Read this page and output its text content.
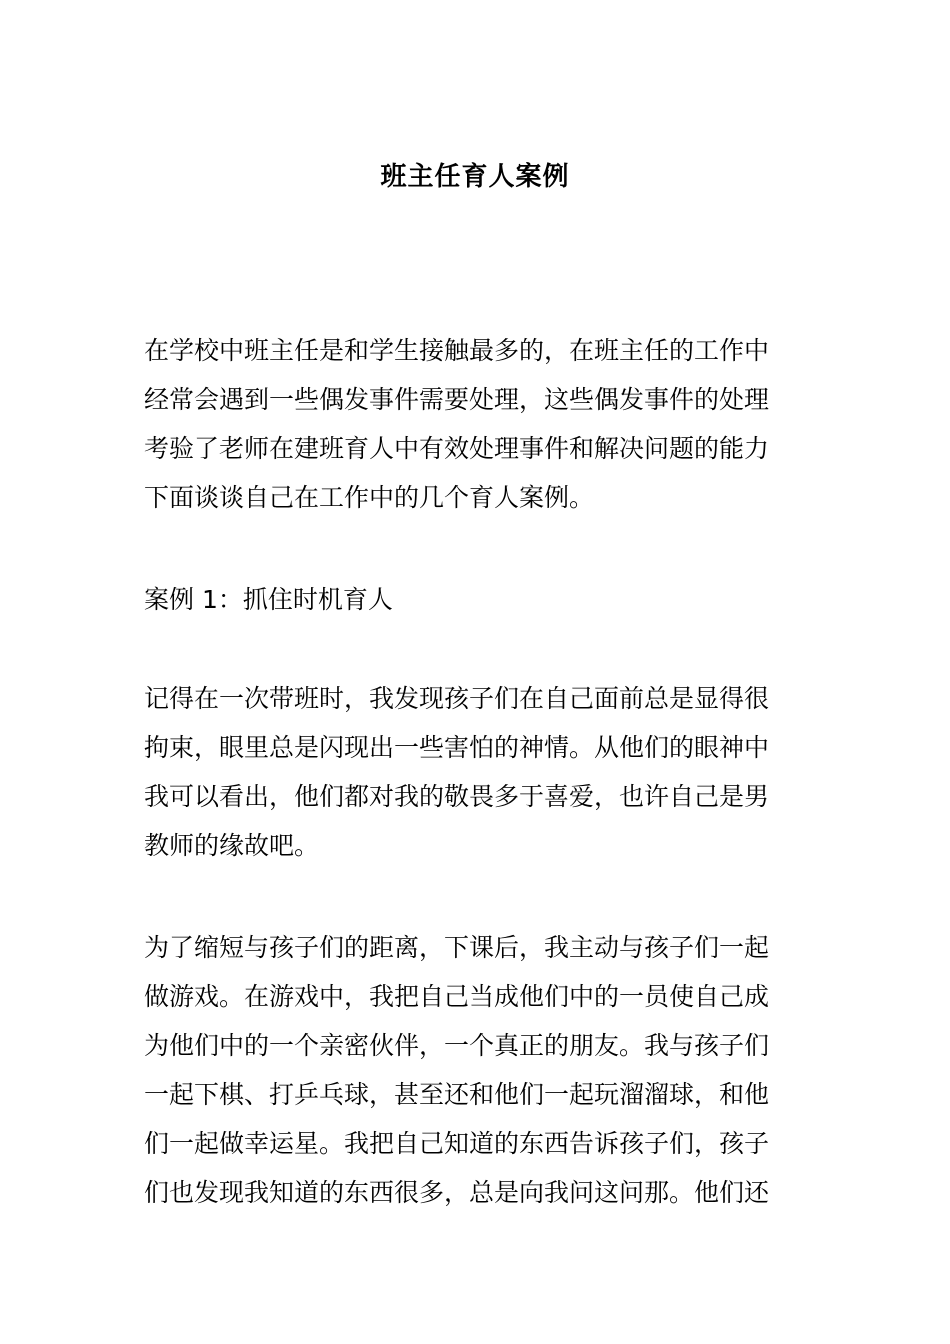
班主任育人案例
在学校中班主任是和学生接触最多的，在班主任的工作中
经常会遇到一些偶发事件需要处理，这些偶发事件的处理
考验了老师在建班育人中有效处理事件和解决问题的能力
下面谈谈自己在工作中的几个育人案例。
案例 1：抓住时机育人
记得在一次带班时，我发现孩子们在自己面前总是显得很
拘束，眼里总是闪现出一些害怕的神情。从他们的眼神中
我可以看出，他们都对我的敬畏多于喜爱，也许自己是男
教师的缘故吧。
为了缩短与孩子们的距离，下课后，我主动与孩子们一起
做游戏。在游戏中，我把自己当成他们中的一员使自己成
为他们中的一个亲密伙伴，一个真正的朋友。我与孩子们
一起下棋、打乒乓球，甚至还和他们一起玩溜溜球，和他
们一起做幸运星。我把自己知道的东西告诉孩子们，孩子
们也发现我知道的东西很多，总是向我问这问那。他们还
